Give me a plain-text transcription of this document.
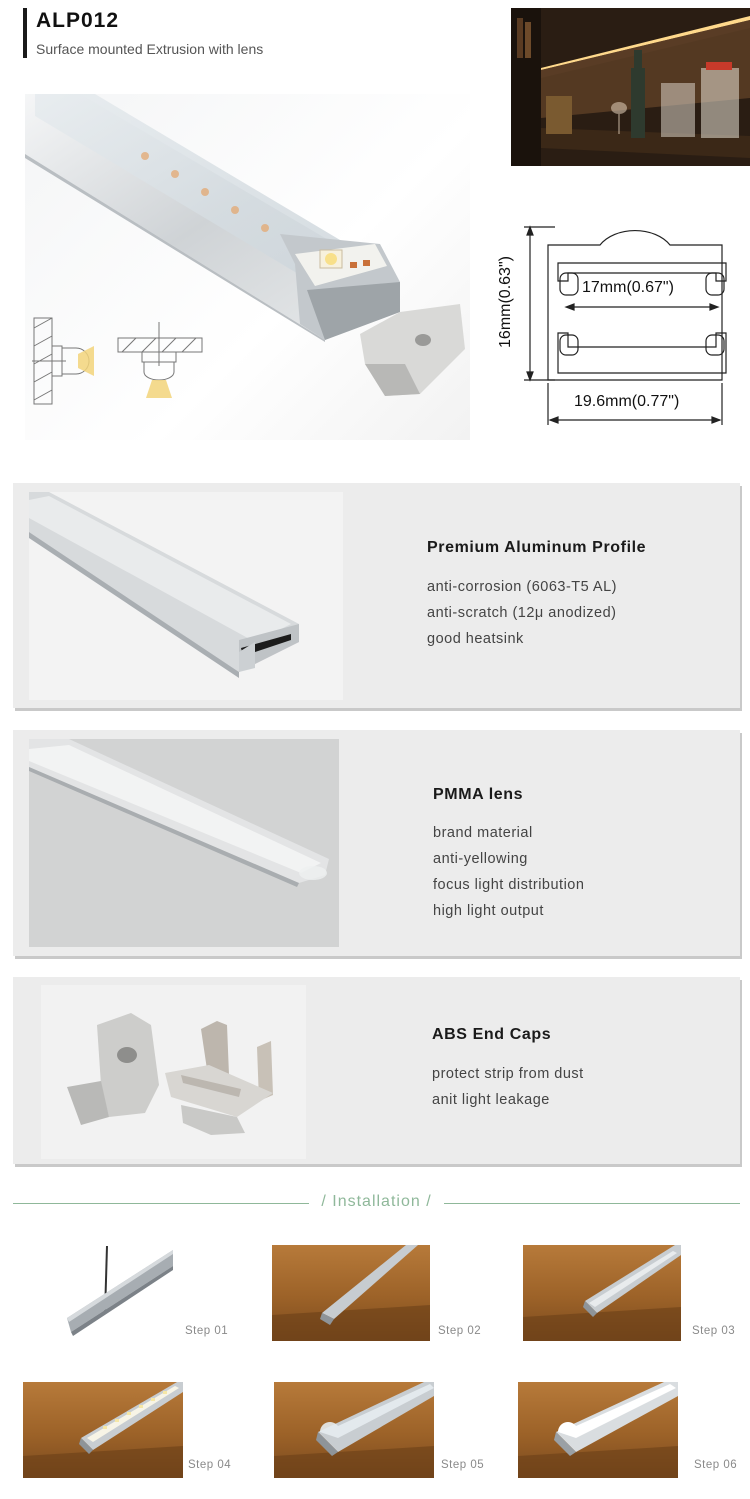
ALP012
Surface mounted Extrusion with lens
17mm(0.67")
16mm(0.63")
19.6mm(0.77")
Premium Aluminum Profile
anti-corrosion (6063-T5 AL)
anti-scratch (12μ anodized)
good heatsink
PMMA lens
brand material
anti-yellowing
focus light distribution
high light output
ABS End Caps
protect strip from dust
anit light leakage
/ Installation /
Step 01	Step 02	Step 03
Step 04	Step 05	Step 06
